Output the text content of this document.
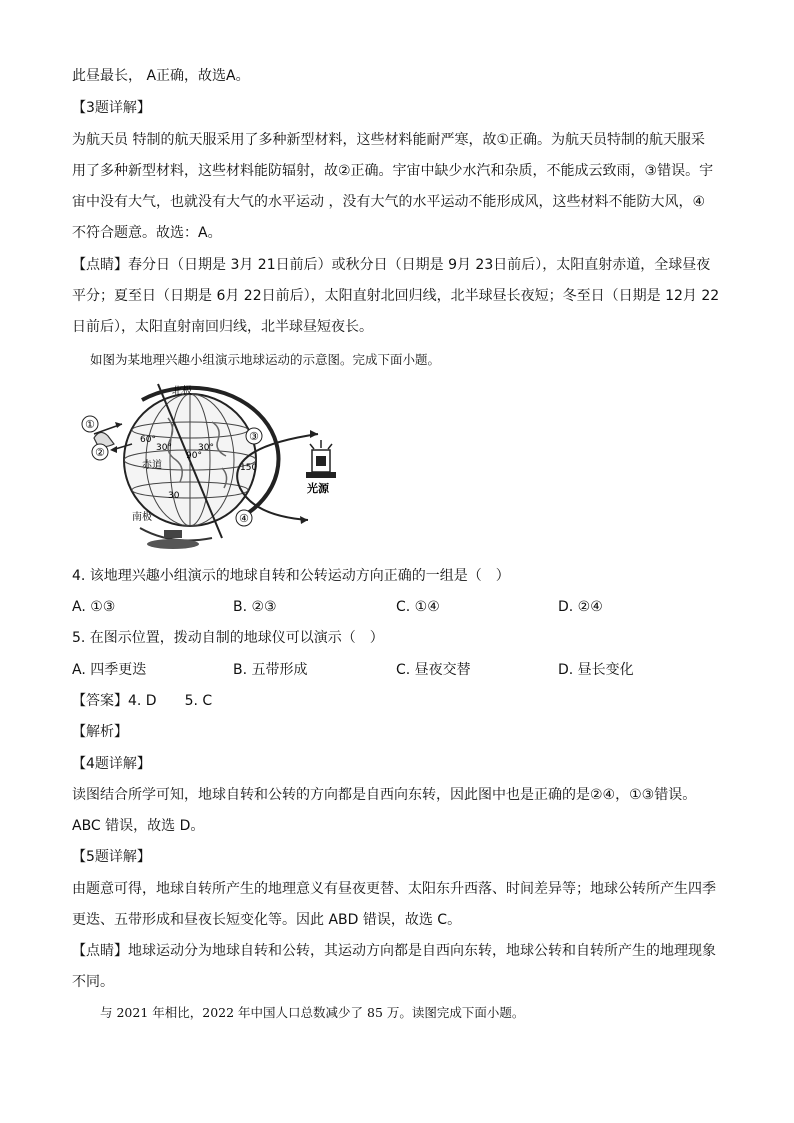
此昼最长， A正确，故选A。
【3题详解】
为航天员 特制的航天服采用了多种新型材料，这些材料能耐严寒，故①正确。为航天员特制的航天服采
用了多种新型材料，这些材料能防辐射，故②正确。宇宙中缺少水汽和杂质，不能成云致雨，③错误。宇
宙中没有大气，也就没有大气的水平运动 ，没有大气的水平运动不能形成风，这些材料不能防大风，④
不符合题意。故选：A。
【点睛】春分日（日期是 3月 21日前后）或秋分日（日期是 9月 23日前后），太阳直射赤道，全球昼夜
平分；夏至日（日期是 6月 22日前后），太阳直射北回归线，北半球昼长夜短；冬至日（日期是 12月 22
日前后），太阳直射南回归线，北半球昼短夜长。
如图为某地理兴趣小组演示地球运动的示意图。完成下面小题。
北极
南极
赤道
60°
30°
90°
30°
150
30
①
②
③
④
光源
4. 该地理兴趣小组演示的地球自转和公转运动方向正确的一组是（　）
A. ①③	B. ②③	C. ①④	D. ②④
5. 在图示位置，拨动自制的地球仪可以演示（　）
A. 四季更迭	B. 五带形成	C. 昼夜交替	D. 昼长变化
【答案】4. D　　5. C
【解析】
【4题详解】
读图结合所学可知，地球自转和公转的方向都是自西向东转，因此图中也是正确的是②④，①③错误。
ABC 错误，故选 D。
【5题详解】
由题意可得，地球自转所产生的地理意义有昼夜更替、太阳东升西落、时间差异等；地球公转所产生四季
更迭、五带形成和昼夜长短变化等。因此 ABD 错误，故选 C。
【点睛】地球运动分为地球自转和公转，其运动方向都是自西向东转，地球公转和自转所产生的地理现象
不同。
与 2021 年相比，2022 年中国人口总数减少了 85 万。读图完成下面小题。
